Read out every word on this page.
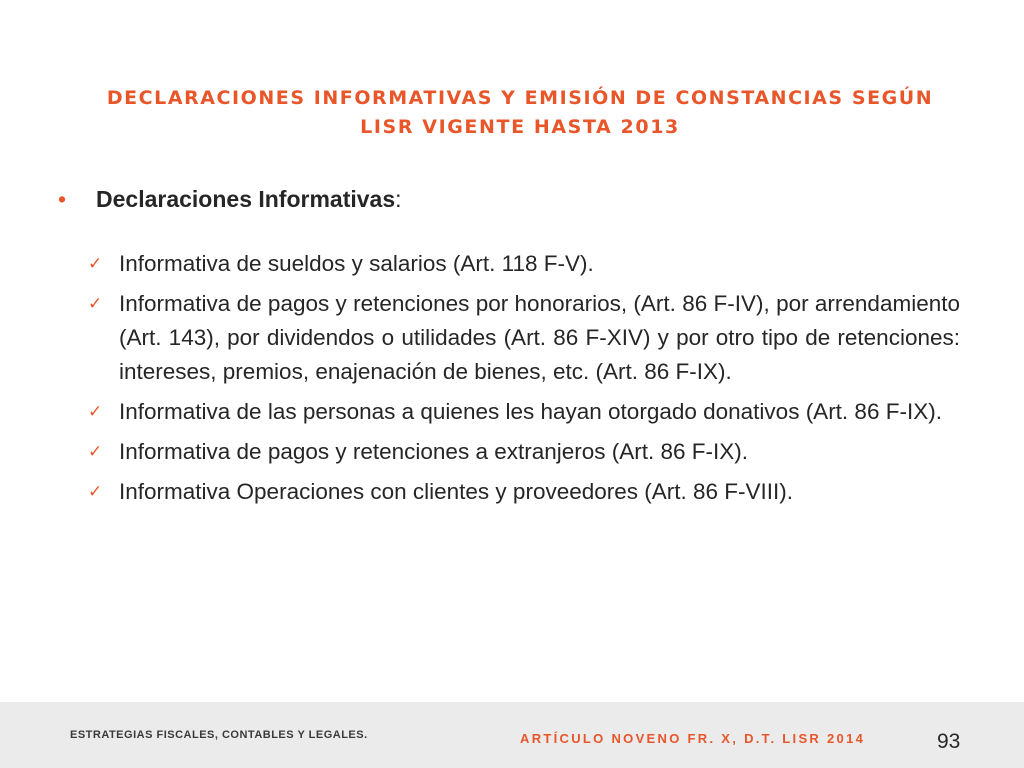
DECLARACIONES INFORMATIVAS Y EMISIÓN DE CONSTANCIAS SEGÚN
LISR VIGENTE HASTA 2013
• Declaraciones Informativas:
✓ Informativa de sueldos y salarios (Art. 118 F-V).
✓ Informativa de pagos y retenciones por honorarios, (Art. 86 F-IV), por arrendamiento (Art. 143), por dividendos o utilidades (Art. 86 F-XIV) y por otro tipo de retenciones: intereses, premios, enajenación de bienes, etc. (Art. 86 F-IX).
✓ Informativa de las personas a quienes les hayan otorgado donativos (Art. 86 F-IX).
✓ Informativa de pagos y retenciones a extranjeros (Art. 86 F-IX).
✓ Informativa Operaciones con clientes y proveedores (Art. 86 F-VIII).
ESTRATEGIAS FISCALES, CONTABLES Y LEGALES.	ARTÍCULO NOVENO FR. X, D.T. LISR 2014	93
